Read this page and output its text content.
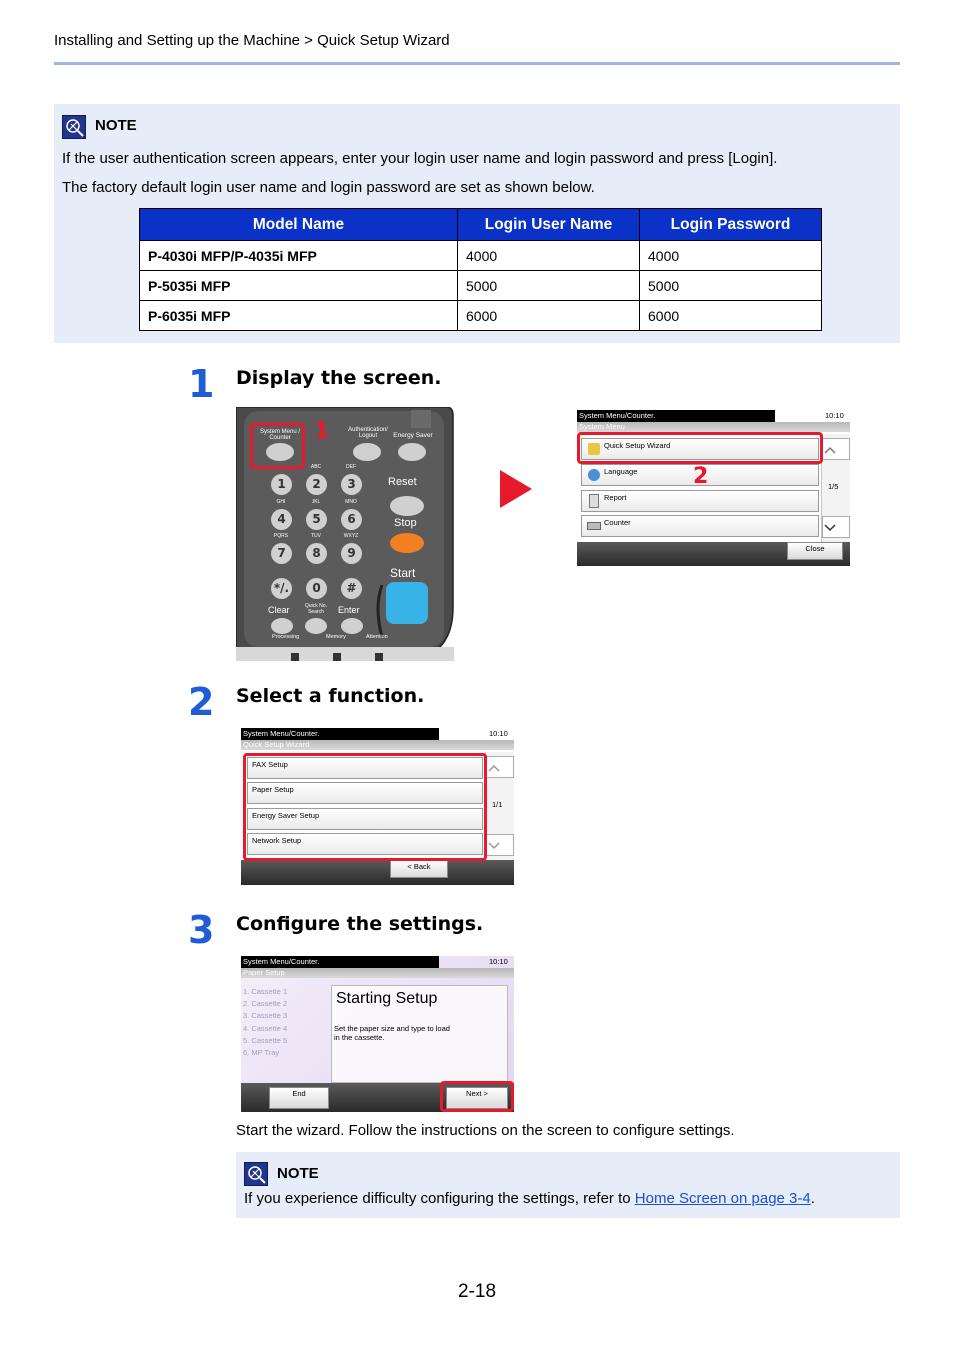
Installing and Setting up the Machine > Quick Setup Wizard
NOTE
If the user authentication screen appears, enter your login user name and login password and press [Login].
The factory default login user name and login password are set as shown below.
Model Name	Login User Name	Login Password
P-4030i MFP/P-4035i MFP	4000	4000
P-5035i MFP	5000	5000
P-6035i MFP	6000	6000
1 Display the screen.
System Menu / Counter
Authentication/ Logout	Energy Saver
1	2	3
4	5	6
7	8	9
*/.	0	#
ABC	DEF
GHI	JKL	MNO
PQRS	TUV	WXYZ
Reset
Stop
Start
Clear	Quick No. Search	Enter
Processing	Memory	Attention
1
System Menu/Counter.	10:10
System Menu
Quick Setup Wizard
Language
Report
Counter
1/5
Close
2
2 Select a function.
System Menu/Counter.	10:10
Quick Setup Wizard
FAX Setup
Paper Setup
Energy Saver Setup
Network Setup
1/1
< Back
3 Configure the settings.
System Menu/Counter.	10:10
Paper Setup
1. Cassette 1
2. Cassette 2
3. Cassette 3
4. Cassette 4
5. Cassette 5
6. MP Tray
Starting Setup
Set the paper size and type to load
in the cassette.
End	Next >
Start the wizard. Follow the instructions on the screen to configure settings.
NOTE
If you experience difficulty configuring the settings, refer to Home Screen on page 3-4.
2-18
